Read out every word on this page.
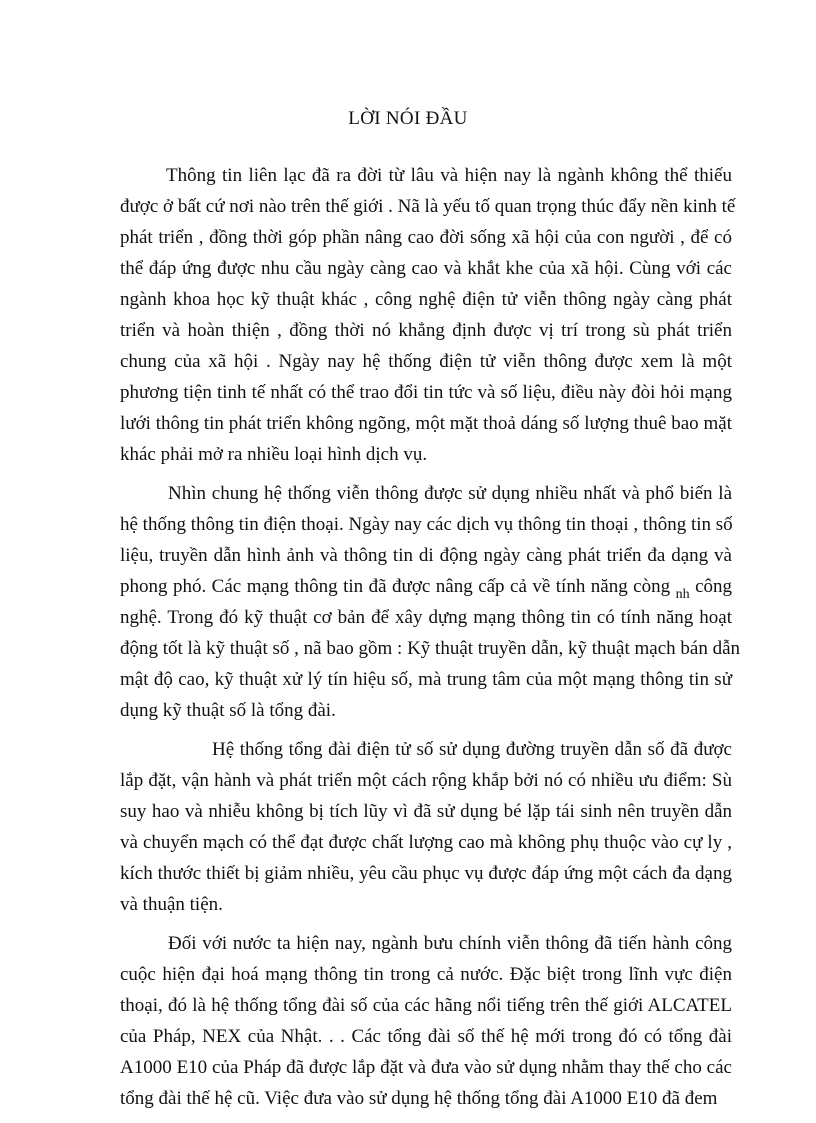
LỜI NÓI ĐẦU
Thông tin liên lạc đã ra đời từ lâu và hiện nay là ngành không thể thiếu
được ở bất cứ nơi nào trên thế giới . Nã là yếu tố quan trọng thúc đẩy nền kinh tế
phát triển , đồng thời góp phần nâng cao đời sống xã hội của con người , để có
thể đáp ứng được nhu cầu ngày càng cao và khắt khe của xã hội. Cùng với các
ngành khoa học kỹ thuật khác , công nghệ điện tử viễn thông ngày càng phát
triển và hoàn thiện , đồng thời nó khẳng định được vị trí trong sù phát triển
chung của xã hội . Ngày nay hệ thống điện tử viễn thông được xem là một
phương tiện tinh tế nhất có thể trao đổi tin tức và số liệu, điều này đòi hỏi mạng
lưới thông tin phát triển không ngõng, một mặt thoả dáng số lượng thuê bao mặt
khác phải mở ra nhiều loại hình dịch vụ.
Nhìn chung hệ thống viễn thông được sử dụng nhiều nhất và phổ biến là
hệ thống thông tin điện thoại. Ngày nay các dịch vụ thông tin thoại , thông tin số
liệu, truyền dẫn hình ảnh và thông tin di động ngày càng phát triển đa dạng và
phong phó. Các mạng thông tin đã được nâng cấp cả về tính năng còng $_{nh}$ công
nghệ. Trong đó kỹ thuật cơ bản để xây dựng mạng thông tin có tính năng hoạt
động tốt là kỹ thuật số , nã bao gồm : Kỹ thuật truyền dẫn, kỹ thuật mạch bán dẫn
mật độ cao, kỹ thuật xử lý tín hiệu số, mà trung tâm của một mạng thông tin sử
dụng kỹ thuật số là tổng đài.
Hệ thống tổng đài điện tử số sử dụng đường truyền dẫn số đã được
lắp đặt, vận hành và phát triển một cách rộng khắp bởi nó có nhiều ưu điểm: Sù
suy hao và nhiễu không bị tích lũy vì đã sử dụng bé lặp tái sinh nên truyền dẫn
và chuyển mạch có thể đạt được chất lượng cao mà không phụ thuộc vào cự ly ,
kích thước thiết bị giảm nhiều, yêu cầu phục vụ được đáp ứng một cách đa dạng
và thuận tiện.
Đối với nước ta hiện nay, ngành bưu chính viễn thông đã tiến hành công
cuộc hiện đại hoá mạng thông tin trong cả nước. Đặc biệt trong lĩnh vực điện
thoại, đó là hệ thống tổng đài số của các hãng nổi tiếng trên thế giới ALCATEL
của Pháp, NEX của Nhật. . . Các tổng đài số thế hệ mới trong đó có tổng đài
A1000 E10 của Pháp đã được lắp đặt và đưa vào sử dụng nhằm thay thế cho các
tổng đài thế hệ cũ. Việc đưa vào sử dụng hệ thống tổng đài A1000 E10 đã đem
